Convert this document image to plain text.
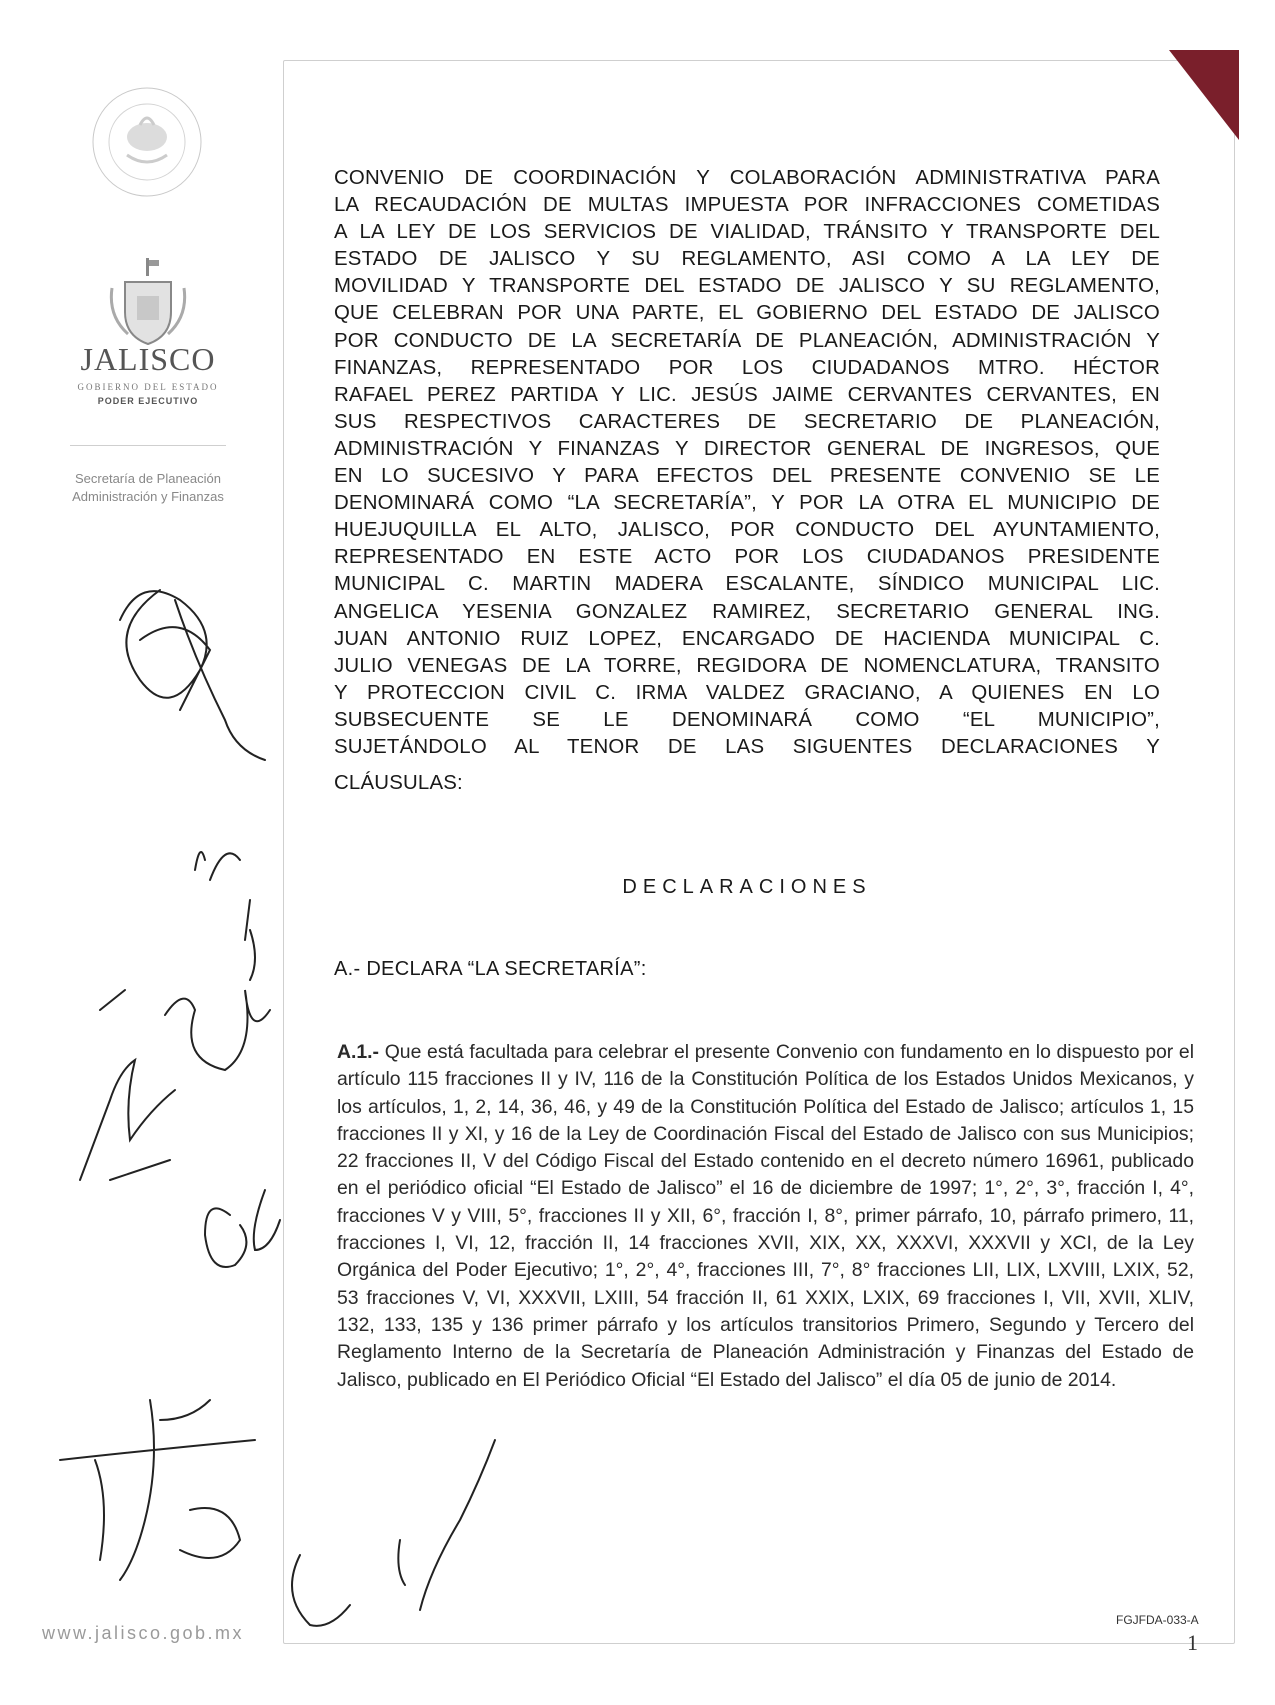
JALISCO
GOBIERNO DEL ESTADO
PODER EJECUTIVO
Secretaría de Planeación
Administración y Finanzas
www.jalisco.gob.mx
CONVENIO DE COORDINACIÓN Y COLABORACIÓN ADMINISTRATIVA PARA
LA RECAUDACIÓN DE MULTAS IMPUESTA POR INFRACCIONES COMETIDAS
A LA LEY DE LOS SERVICIOS DE VIALIDAD, TRÁNSITO Y TRANSPORTE DEL
ESTADO DE JALISCO Y SU REGLAMENTO, ASI COMO A LA LEY DE
MOVILIDAD Y TRANSPORTE DEL ESTADO DE JALISCO Y SU REGLAMENTO,
QUE CELEBRAN POR UNA PARTE, EL GOBIERNO DEL ESTADO DE JALISCO
POR CONDUCTO DE LA SECRETARÍA DE PLANEACIÓN, ADMINISTRACIÓN Y
FINANZAS, REPRESENTADO POR LOS CIUDADANOS MTRO. HÉCTOR
RAFAEL PEREZ PARTIDA Y LIC. JESÚS JAIME CERVANTES CERVANTES, EN
SUS RESPECTIVOS CARACTERES DE SECRETARIO DE PLANEACIÓN,
ADMINISTRACIÓN Y FINANZAS Y DIRECTOR GENERAL DE INGRESOS, QUE
EN LO SUCESIVO Y PARA EFECTOS DEL PRESENTE CONVENIO SE LE
DENOMINARÁ COMO “LA SECRETARÍA”, Y POR LA OTRA EL MUNICIPIO DE
HUEJUQUILLA EL ALTO, JALISCO, POR CONDUCTO DEL AYUNTAMIENTO,
REPRESENTADO EN ESTE ACTO POR LOS CIUDADANOS PRESIDENTE
MUNICIPAL C. MARTIN MADERA ESCALANTE, SÍNDICO MUNICIPAL LIC.
ANGELICA YESENIA GONZALEZ RAMIREZ, SECRETARIO GENERAL ING.
JUAN ANTONIO RUIZ LOPEZ, ENCARGADO DE HACIENDA MUNICIPAL C.
JULIO VENEGAS DE LA TORRE, REGIDORA DE NOMENCLATURA, TRANSITO
Y PROTECCION CIVIL C. IRMA VALDEZ GRACIANO, A QUIENES EN LO
SUBSECUENTE SE LE DENOMINARÁ COMO “EL MUNICIPIO”,
SUJETÁNDOLO AL TENOR DE LAS SIGUENTES DECLARACIONES Y
CLÁUSULAS:
DECLARACIONES
A.- DECLARA “LA SECRETARÍA”:
A.1.- Que está facultada para celebrar el presente Convenio con fundamento en lo dispuesto por el artículo 115 fracciones II y IV, 116 de la Constitución Política de los Estados Unidos Mexicanos, y los artículos, 1, 2, 14, 36, 46, y 49 de la Constitución Política del Estado de Jalisco; artículos 1, 15 fracciones II y XI, y 16 de la Ley de Coordinación Fiscal del Estado de Jalisco con sus Municipios; 22 fracciones II, V del Código Fiscal del Estado contenido en el decreto número 16961, publicado en el periódico oficial “El Estado de Jalisco” el 16 de diciembre de 1997; 1°, 2°, 3°, fracción I, 4°, fracciones V y VIII, 5°, fracciones II y XII, 6°, fracción I, 8°, primer párrafo, 10, párrafo primero, 11, fracciones I, VI, 12, fracción II, 14 fracciones XVII, XIX, XX, XXXVI, XXXVII y XCI, de la Ley Orgánica del Poder Ejecutivo; 1°, 2°, 4°, fracciones III, 7°, 8° fracciones LII, LIX, LXVIII, LXIX, 52, 53 fracciones V, VI, XXXVII, LXIII, 54 fracción II, 61 XXIX, LXIX, 69 fracciones I, VII, XVII, XLIV, 132, 133, 135 y 136 primer párrafo y los artículos transitorios Primero, Segundo y Tercero del Reglamento Interno de la Secretaría de Planeación Administración y Finanzas del Estado de Jalisco, publicado en El Periódico Oficial “El Estado del Jalisco” el día 05 de junio de 2014.
FGJFDA-033-A
1
